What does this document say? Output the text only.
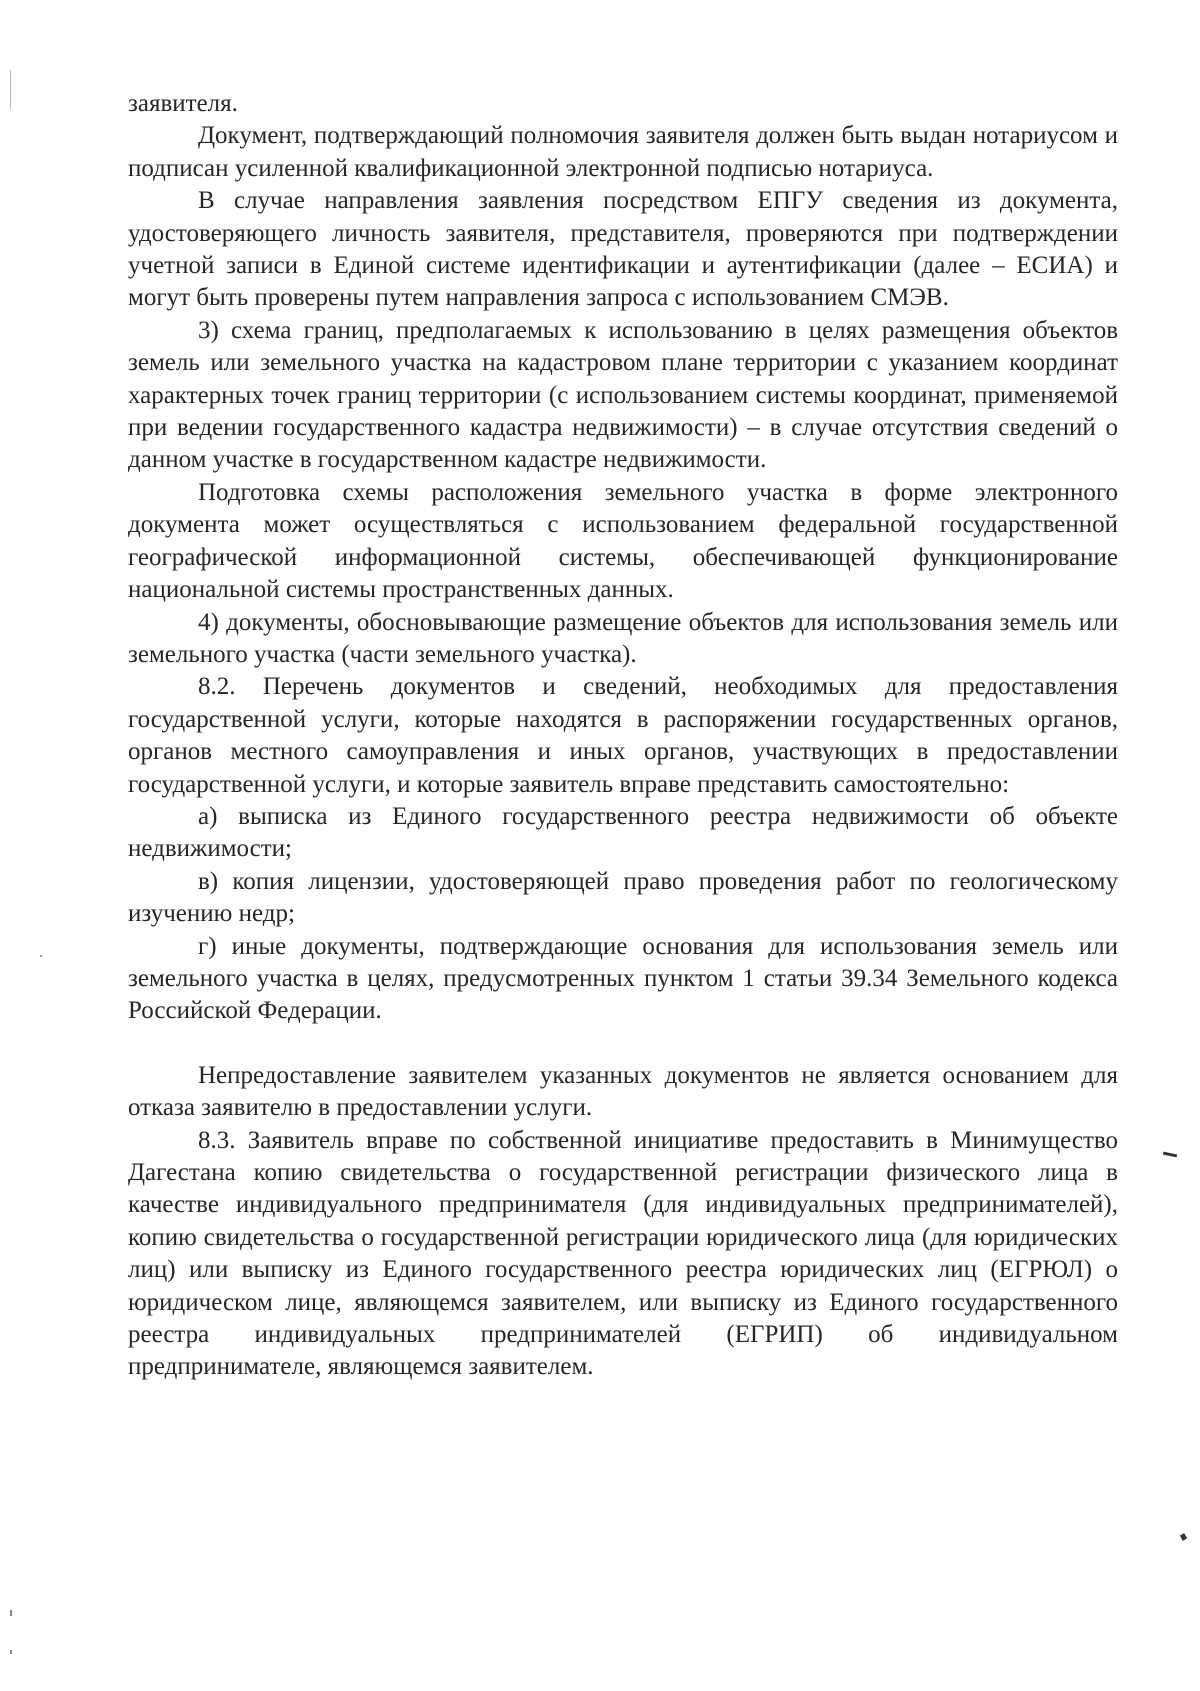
заявителя.

Документ, подтверждающий полномочия заявителя должен быть выдан нотариусом и подписан усиленной квалификационной электронной подписью нотариуса.

В случае направления заявления посредством ЕПГУ сведения из документа, удостоверяющего личность заявителя, представителя, проверяются при подтверждении учетной записи в Единой системе идентификации и аутентификации (далее – ЕСИА) и могут быть проверены путем направления запроса с использованием СМЭВ.

3) схема границ, предполагаемых к использованию в целях размещения объектов земель или земельного участка на кадастровом плане территории с указанием координат характерных точек границ территории (с использованием системы координат, применяемой при ведении государственного кадастра недвижимости) – в случае отсутствия сведений о данном участке в государственном кадастре недвижимости.

Подготовка схемы расположения земельного участка в форме электронного документа может осуществляться с использованием федеральной государственной географической информационной системы, обеспечивающей функционирование национальной системы пространственных данных.

4) документы, обосновывающие размещение объектов для использования земель или земельного участка (части земельного участка).

8.2. Перечень документов и сведений, необходимых для предоставления государственной услуги, которые находятся в распоряжении государственных органов, органов местного самоуправления и иных органов, участвующих в предоставлении государственной услуги, и которые заявитель вправе представить самостоятельно:

а) выписка из Единого государственного реестра недвижимости об объекте недвижимости;

в) копия лицензии, удостоверяющей право проведения работ по геологическому изучению недр;

г) иные документы, подтверждающие основания для использования земель или земельного участка в целях, предусмотренных пунктом 1 статьи 39.34 Земельного кодекса Российской Федерации.

Непредоставление заявителем указанных документов не является основанием для отказа заявителю в предоставлении услуги.

8.3. Заявитель вправе по собственной инициативе предоставить в Минимущество Дагестана копию свидетельства о государственной регистрации физического лица в качестве индивидуального предпринимателя (для индивидуальных предпринимателей), копию свидетельства о государственной регистрации юридического лица (для юридических лиц) или выписку из Единого государственного реестра юридических лиц (ЕГРЮЛ) о юридическом лице, являющемся заявителем, или выписку из Единого государственного реестра индивидуальных предпринимателей (ЕГРИП) об индивидуальном предпринимателе, являющемся заявителем.
